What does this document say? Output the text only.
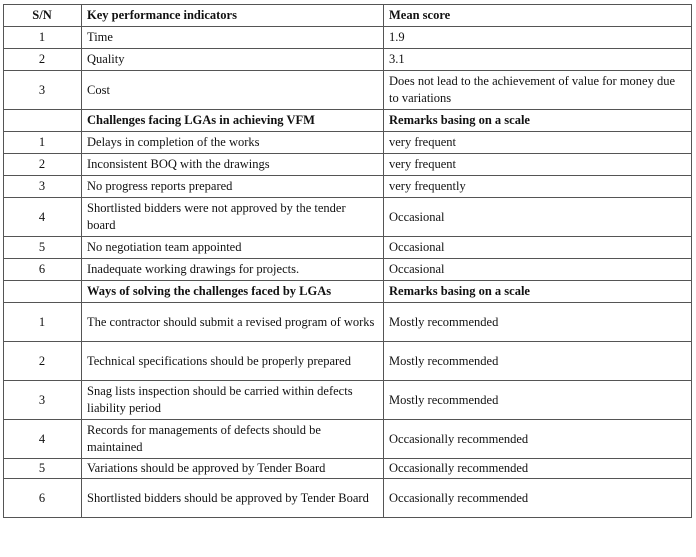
S/N	Key performance indicators	Mean score
1	Time	1.9
2	Quality	3.1
3	Cost	Does not lead to the achievement of value for money due to variations
	Challenges facing LGAs in achieving VFM	Remarks basing on a scale
1	Delays in completion of the works	very frequent
2	Inconsistent BOQ with the drawings	very frequent
3	No progress reports prepared	very frequently
4	Shortlisted bidders were not approved by the tender board	Occasional
5	No negotiation team appointed	Occasional
6	Inadequate working drawings for projects.	Occasional
	Ways of solving the challenges faced by LGAs	Remarks basing on a scale
1	The contractor should submit a revised program of works	Mostly recommended
2	Technical specifications should be properly prepared	Mostly recommended
3	Snag lists inspection should be carried within defects liability period	Mostly recommended
4	Records for managements of defects should be maintained	Occasionally recommended
5	Variations should be approved by Tender Board	Occasionally recommended
6	Shortlisted bidders should be approved by Tender Board	Occasionally recommended
